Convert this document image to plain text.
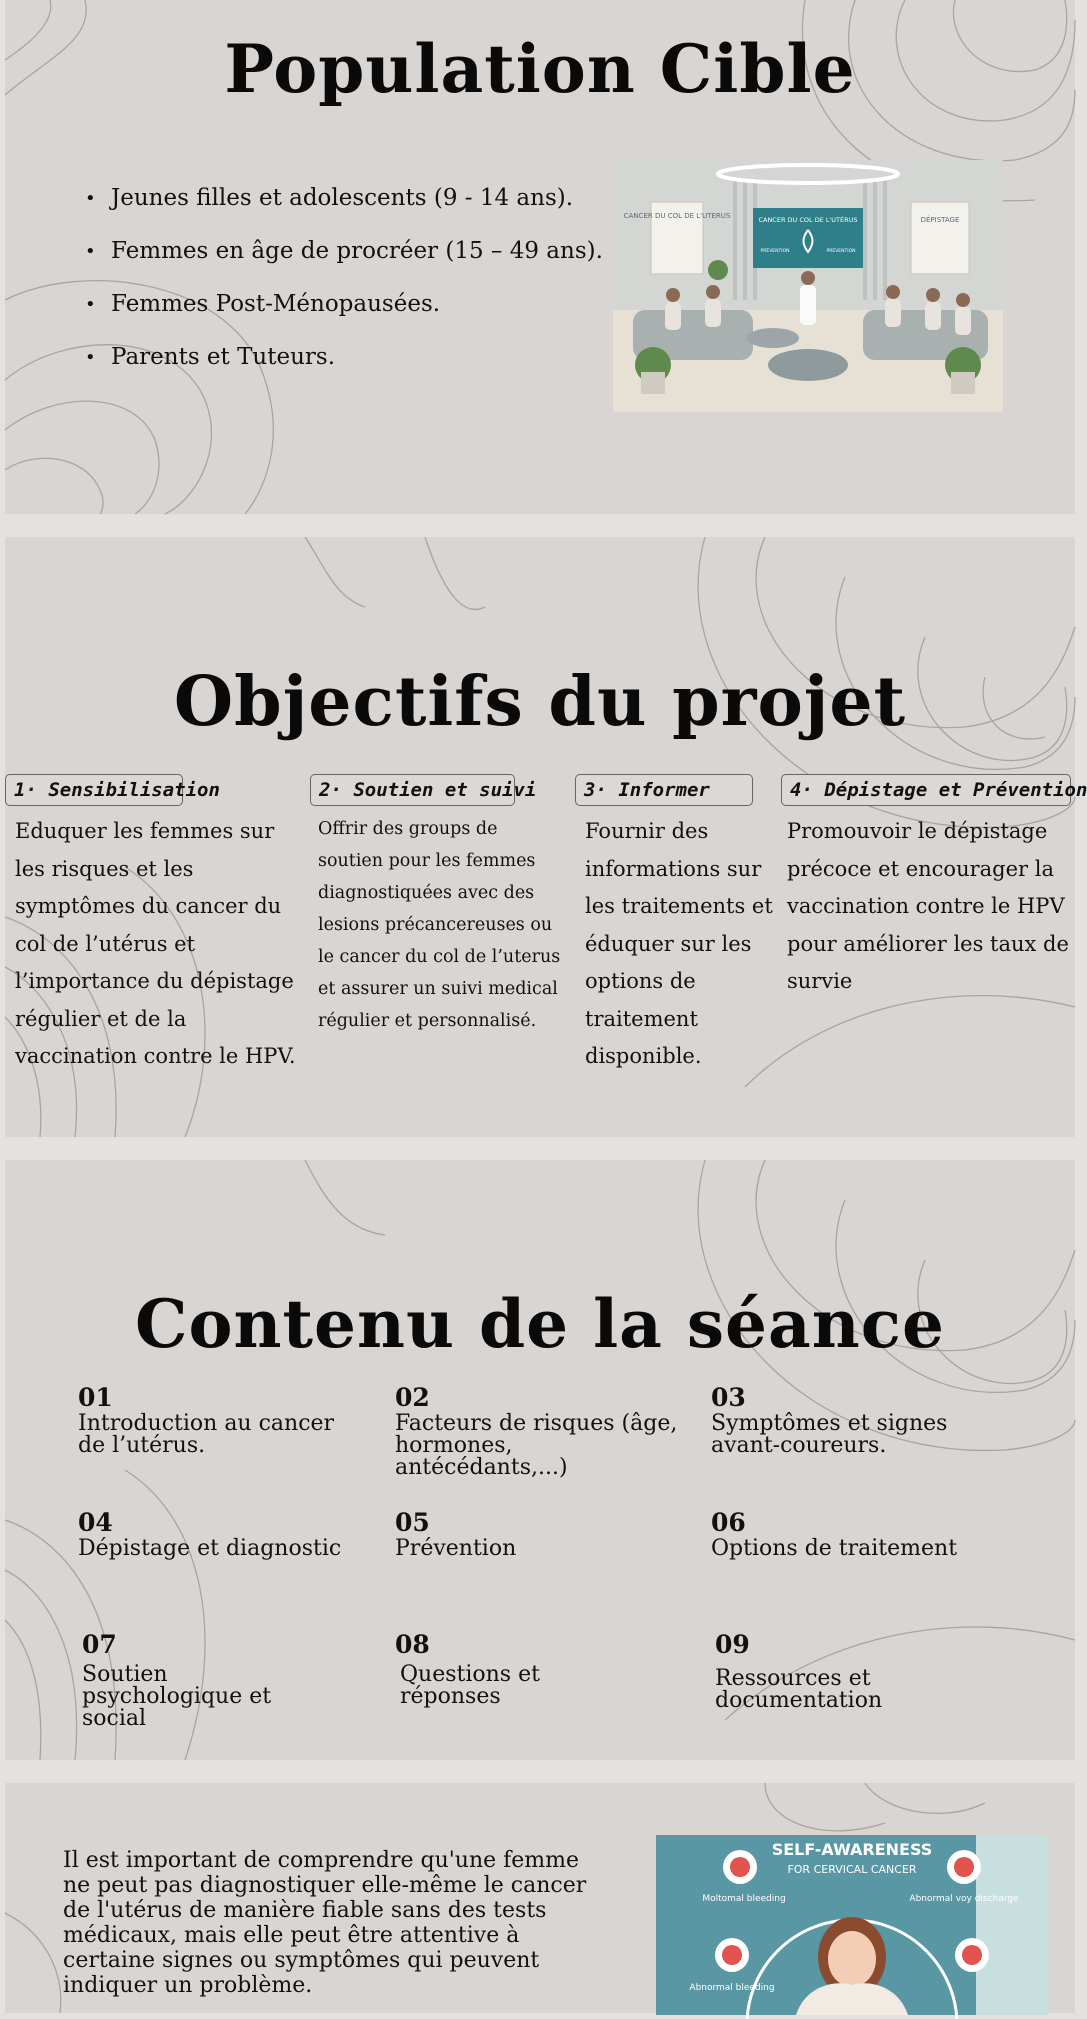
Population Cible
• Jeunes filles et adolescents (9 - 14 ans).
• Femmes en âge de procréer (15 – 49 ans).
• Femmes Post-Ménopausées.
• Parents et Tuteurs.
CANCER DU COL DE L'UTERUS	CANCER DU COL DE L'UTÉRUS
PRÉVENTION	PRÉVENTION
DÉPISTAGE
Objectifs du projet
1· Sensibilisation
Eduquer les femmes sur les risques et les symptômes du cancer du col de l’utérus et l’importance du dépistage régulier et de la vaccination contre le HPV.
2· Soutien et suivi
Offrir des groups de soutien pour les femmes diagnostiquées avec des lesions précancereuses ou le cancer du col de l’uterus et assurer un suivi medical régulier et personnalisé.
3· Informer
Fournir des informations sur les traitements et éduquer sur les options de traitement disponible.
4· Dépistage et Prévention
Promouvoir le dépistage précoce et encourager la vaccination contre le HPV pour améliorer les taux de survie
Contenu de la séance
01
Introduction au cancer de l’utérus.
02
Facteurs de risques (âge, hormones, antécédants,...)
03
Symptômes et signes avant-coureurs.
04
Dépistage et diagnostic
05
Prévention
06
Options de traitement
07
Soutien psychologique et social
08
Questions et réponses
09
Ressources et documentation

Il est important de comprendre qu'une femme ne peut pas diagnostiquer elle-même le cancer de l'utérus de manière fiable sans des tests médicaux, mais elle peut être attentive à certaine signes ou symptômes qui peuvent indiquer un problème.

SELF-AWARENESS
FOR CERVICAL CANCER
Moltomal bleeding	Abnormal voy discharge
Abnormal bleeding
